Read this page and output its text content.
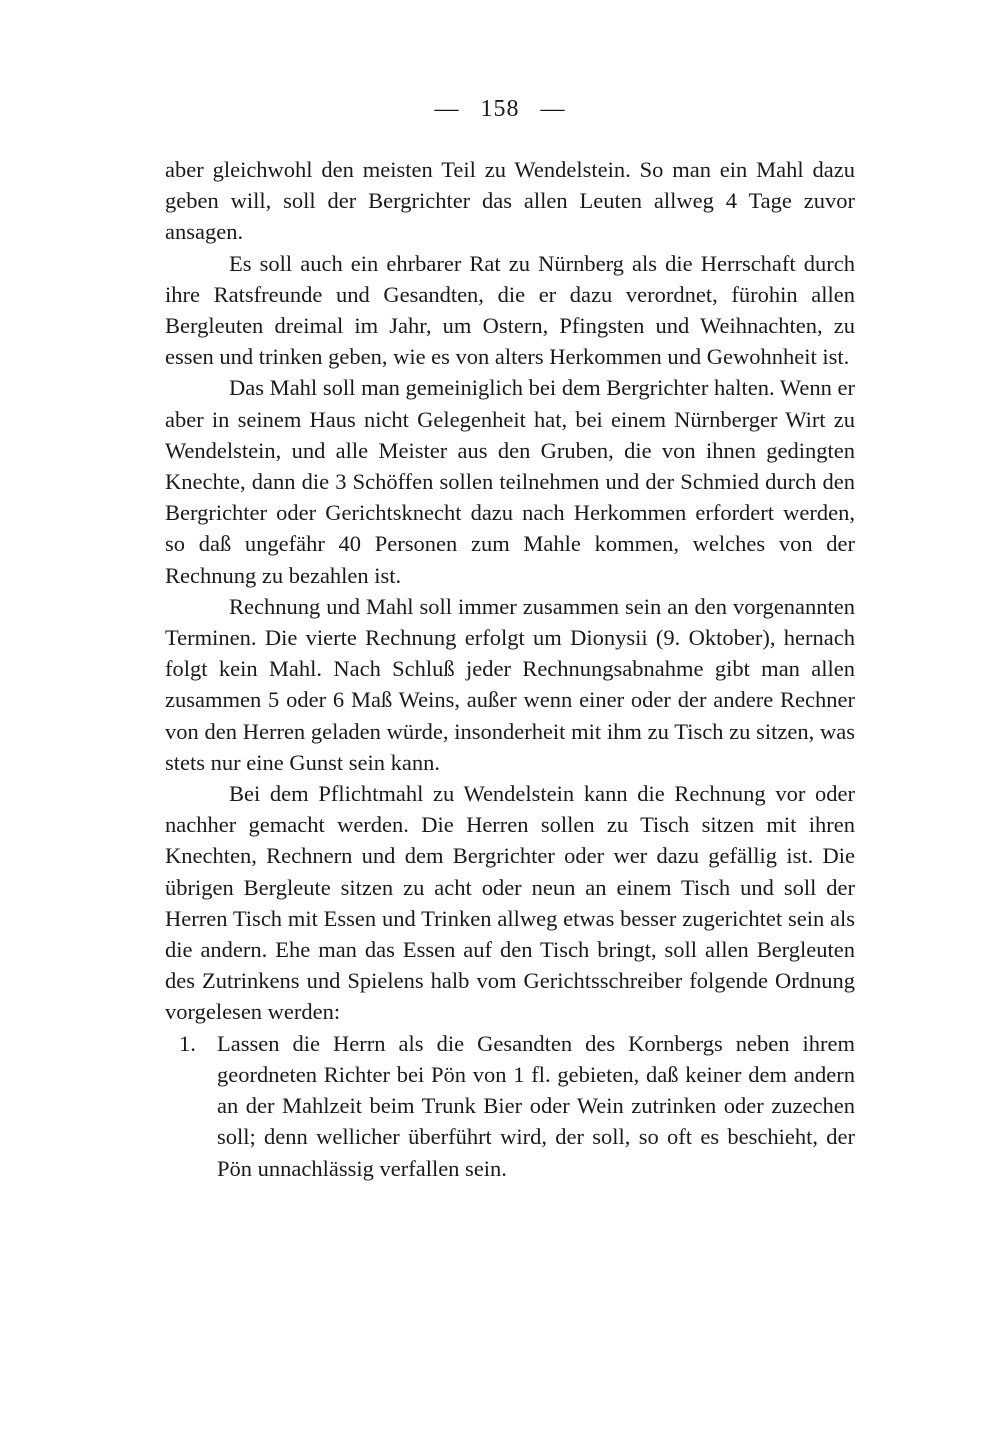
— 158 —

aber gleichwohl den meisten Teil zu Wendelstein. So man ein Mahl dazu geben will, soll der Bergrichter das allen Leuten allweg 4 Tage zuvor ansagen.

Es soll auch ein ehrbarer Rat zu Nürnberg als die Herrschaft durch ihre Ratsfreunde und Gesandten, die er dazu verordnet, fürohin allen Bergleuten dreimal im Jahr, um Ostern, Pfingsten und Weihnachten, zu essen und trinken geben, wie es von alters Herkommen und Gewohnheit ist.

Das Mahl soll man gemeiniglich bei dem Bergrichter halten. Wenn er aber in seinem Haus nicht Gelegenheit hat, bei einem Nürnberger Wirt zu Wendelstein, und alle Meister aus den Gruben, die von ihnen gedingten Knechte, dann die 3 Schöffen sollen teilnehmen und der Schmied durch den Bergrichter oder Gerichtsknecht dazu nach Herkommen erfordert werden, so daß ungefähr 40 Personen zum Mahle kommen, welches von der Rechnung zu bezahlen ist.

Rechnung und Mahl soll immer zusammen sein an den vorgenannten Terminen. Die vierte Rechnung erfolgt um Dionysii (9. Oktober), hernach folgt kein Mahl. Nach Schluß jeder Rechnungsabnahme gibt man allen zusammen 5 oder 6 Maß Weins, außer wenn einer oder der andere Rechner von den Herren geladen würde, insonderheit mit ihm zu Tisch zu sitzen, was stets nur eine Gunst sein kann.

Bei dem Pflichtmahl zu Wendelstein kann die Rechnung vor oder nachher gemacht werden. Die Herren sollen zu Tisch sitzen mit ihren Knechten, Rechnern und dem Bergrichter oder wer dazu gefällig ist. Die übrigen Bergleute sitzen zu acht oder neun an einem Tisch und soll der Herren Tisch mit Essen und Trinken allweg etwas besser zugerichtet sein als die andern. Ehe man das Essen auf den Tisch bringt, soll allen Bergleuten des Zutrinkens und Spielens halb vom Gerichtsschreiber folgende Ordnung vorgelesen werden:

1. Lassen die Herrn als die Gesandten des Kornbergs neben ihrem geordneten Richter bei Pön von 1 fl. gebieten, daß keiner dem andern an der Mahlzeit beim Trunk Bier oder Wein zutrinken oder zuzechen soll; denn wellicher überführt wird, der soll, so oft es beschieht, der Pön unnachlässig verfallen sein.
